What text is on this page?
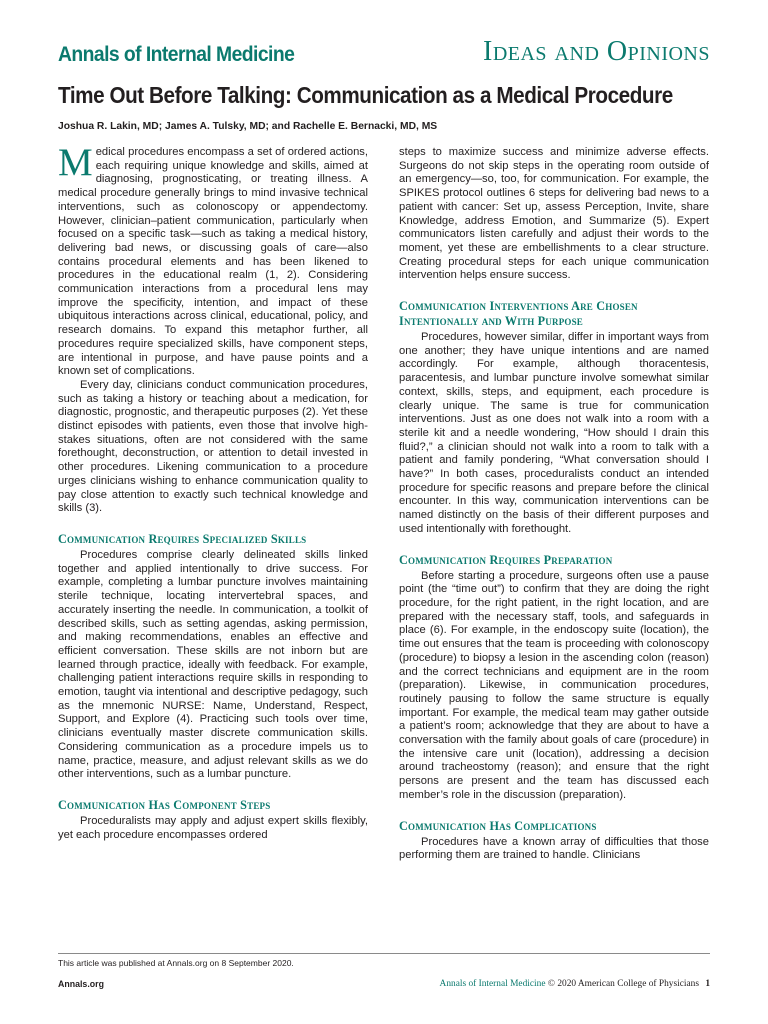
Annals of Internal Medicine	Ideas and Opinions
Time Out Before Talking: Communication as a Medical Procedure
Joshua R. Lakin, MD; James A. Tulsky, MD; and Rachelle E. Bernacki, MD, MS

Medical procedures encompass a set of ordered actions, each requiring unique knowledge and skills, aimed at diagnosing, prognosticating, or treating illness. A medical procedure generally brings to mind invasive technical interventions, such as colonoscopy or appendectomy. However, clinician–patient communication, particularly when focused on a specific task—such as taking a medical history, delivering bad news, or discussing goals of care—also contains procedural elements and has been likened to procedures in the educational realm (1, 2). Considering communication interactions from a procedural lens may improve the specificity, intention, and impact of these ubiquitous interactions across clinical, educational, policy, and research domains. To expand this metaphor further, all procedures require specialized skills, have component steps, are intentional in purpose, and have pause points and a known set of complications.

Every day, clinicians conduct communication procedures, such as taking a history or teaching about a medication, for diagnostic, prognostic, and therapeutic purposes (2). Yet these distinct episodes with patients, even those that involve high-stakes situations, often are not considered with the same forethought, deconstruction, or attention to detail invested in other procedures. Likening communication to a procedure urges clinicians wishing to enhance communication quality to pay close attention to exactly such technical knowledge and skills (3).

Communication Requires Specialized Skills

Procedures comprise clearly delineated skills linked together and applied intentionally to drive success. For example, completing a lumbar puncture involves maintaining sterile technique, locating intervertebral spaces, and accurately inserting the needle. In communication, a toolkit of described skills, such as setting agendas, asking permission, and making recommendations, enables an effective and efficient conversation. These skills are not inborn but are learned through practice, ideally with feedback. For example, challenging patient interactions require skills in responding to emotion, taught via intentional and descriptive pedagogy, such as the mnemonic NURSE: Name, Understand, Respect, Support, and Explore (4). Practicing such tools over time, clinicians eventually master discrete communication skills. Considering communication as a procedure impels us to name, practice, measure, and adjust relevant skills as we do other interventions, such as a lumbar puncture.

Communication Has Component Steps

Proceduralists may apply and adjust expert skills flexibly, yet each procedure encompasses ordered

steps to maximize success and minimize adverse effects. Surgeons do not skip steps in the operating room outside of an emergency—so, too, for communication. For example, the SPIKES protocol outlines 6 steps for delivering bad news to a patient with cancer: Set up, assess Perception, Invite, share Knowledge, address Emotion, and Summarize (5). Expert communicators listen carefully and adjust their words to the moment, yet these are embellishments to a clear structure. Creating procedural steps for each unique communication intervention helps ensure success.

Communication Interventions Are Chosen Intentionally and With Purpose

Procedures, however similar, differ in important ways from one another; they have unique intentions and are named accordingly. For example, although thoracentesis, paracentesis, and lumbar puncture involve somewhat similar context, skills, steps, and equipment, each procedure is clearly unique. The same is true for communication interventions. Just as one does not walk into a room with a sterile kit and a needle wondering, “How should I drain this fluid?,” a clinician should not walk into a room to talk with a patient and family pondering, “What conversation should I have?” In both cases, proceduralists conduct an intended procedure for specific reasons and prepare before the clinical encounter. In this way, communication interventions can be named distinctly on the basis of their different purposes and used intentionally with forethought.

Communication Requires Preparation

Before starting a procedure, surgeons often use a pause point (the “time out”) to confirm that they are doing the right procedure, for the right patient, in the right location, and are prepared with the necessary staff, tools, and safeguards in place (6). For example, in the endoscopy suite (location), the time out ensures that the team is proceeding with colonoscopy (procedure) to biopsy a lesion in the ascending colon (reason) and the correct technicians and equipment are in the room (preparation). Likewise, in communication procedures, routinely pausing to follow the same structure is equally important. For example, the medical team may gather outside a patient’s room; acknowledge that they are about to have a conversation with the family about goals of care (procedure) in the intensive care unit (location), addressing a decision around tracheostomy (reason); and ensure that the right persons are present and the team has discussed each member’s role in the discussion (preparation).

Communication Has Complications

Procedures have a known array of difficulties that those performing them are trained to handle. Clinicians

This article was published at Annals.org on 8 September 2020.
Annals.org	Annals of Internal Medicine © 2020 American College of Physicians 1
